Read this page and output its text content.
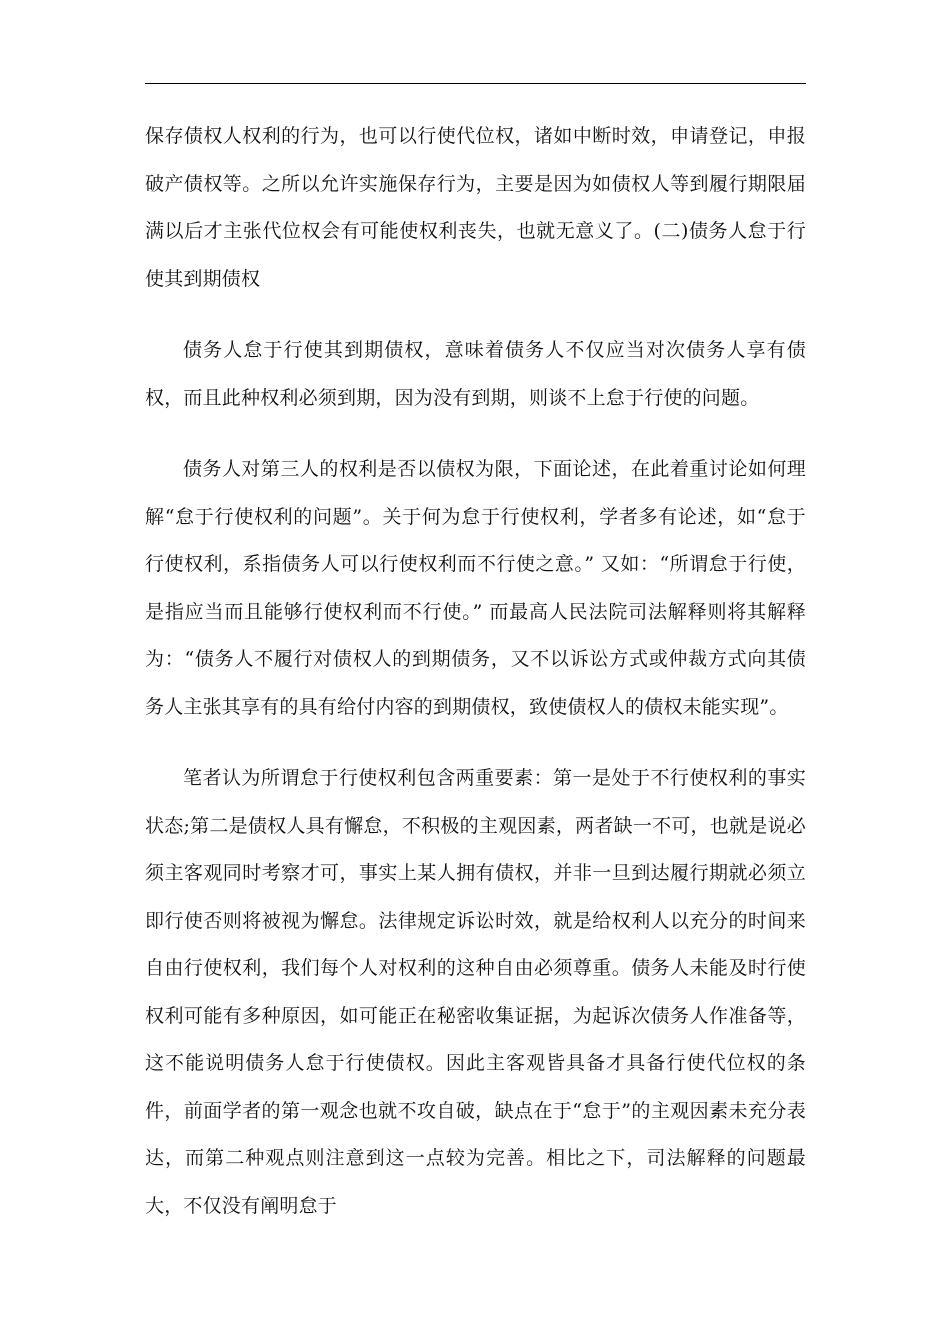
保存债权人权利的行为，也可以行使代位权，诸如中断时效，申请登记，申报破产债权等。之所以允许实施保存行为，主要是因为如债权人等到履行期限届满以后才主张代位权会有可能使权利丧失，也就无意义了。(二)债务人怠于行使其到期债权

债务人怠于行使其到期债权，意味着债务人不仅应当对次债务人享有债权，而且此种权利必须到期，因为没有到期，则谈不上怠于行使的问题。

债务人对第三人的权利是否以债权为限，下面论述，在此着重讨论如何理解“怠于行使权利的问题”。关于何为怠于行使权利，学者多有论述，如“怠于行使权利，系指债务人可以行使权利而不行使之意。” 又如：“所谓怠于行使，是指应当而且能够行使权利而不行使。” 而最高人民法院司法解释则将其解释为：“债务人不履行对债权人的到期债务，又不以诉讼方式或仲裁方式向其债务人主张其享有的具有给付内容的到期债权，致使债权人的债权未能实现”。

笔者认为所谓怠于行使权利包含两重要素：第一是处于不行使权利的事实状态;第二是债权人具有懈怠，不积极的主观因素，两者缺一不可，也就是说必须主客观同时考察才可，事实上某人拥有债权，并非一旦到达履行期就必须立即行使否则将被视为懈怠。法律规定诉讼时效，就是给权利人以充分的时间来自由行使权利，我们每个人对权利的这种自由必须尊重。债务人未能及时行使权利可能有多种原因，如可能正在秘密收集证据，为起诉次债务人作准备等，这不能说明债务人怠于行使债权。因此主客观皆具备才具备行使代位权的条件，前面学者的第一观念也就不攻自破，缺点在于“怠于”的主观因素未充分表达，而第二种观点则注意到这一点较为完善。相比之下，司法解释的问题最大，不仅没有阐明怠于
